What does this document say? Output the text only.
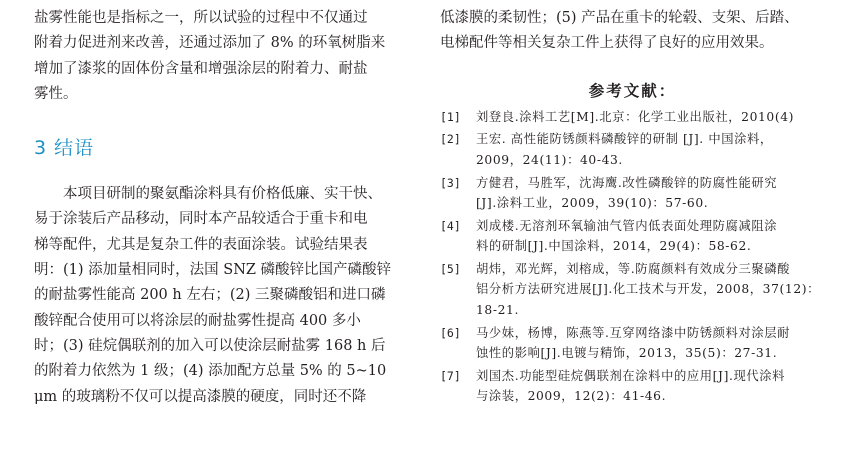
盐雾性能也是指标之一，所以试验的过程中不仅通过
附着力促进剂来改善，还通过添加了 8% 的环氧树脂来
增加了漆浆的固体份含量和增强涂层的附着力、耐盐
雾性。

3 结语

本项目研制的聚氨酯涂料具有价格低廉、实干快、
易于涂装后产品移动，同时本产品较适合于重卡和电
梯等配件，尤其是复杂工件的表面涂装。试验结果表
明：(1) 添加量相同时，法国 SNZ 磷酸锌比国产磷酸锌
的耐盐雾性能高 200 h 左右；(2) 三聚磷酸铝和进口磷
酸锌配合使用可以将涂层的耐盐雾性提高 400 多小
时；(3) 硅烷偶联剂的加入可以使涂层耐盐雾 168 h 后
的附着力依然为 1 级；(4) 添加配方总量 5% 的 5~10
μm 的玻璃粉不仅可以提高漆膜的硬度，同时还不降

低漆膜的柔韧性；(5) 产品在重卡的轮毂、支架、后踏、
电梯配件等相关复杂工件上获得了良好的应用效果。

参考文献：
[1]	刘登良.涂料工艺[M].北京：化学工业出版社，2010(4)
[2]	王宏. 高性能防锈颜料磷酸锌的研制 [J]. 中国涂料，
2009，24(11)：40-43.
[3]	方健君，马胜军，沈海鹰.改性磷酸锌的防腐性能研究
[J].涂料工业，2009，39(10)：57-60.
[4]	刘成楼.无溶剂环氧输油气管内低表面处理防腐减阻涂
料的研制[J].中国涂料，2014，29(4)：58-62.
[5]	胡炜，邓光辉，刘榕成，等.防腐颜料有效成分三聚磷酸
铝分析方法研究进展[J].化工技术与开发，2008，37(12)：
18-21.
[6]	马少妹，杨博，陈燕等.互穿网络漆中防锈颜料对涂层耐
蚀性的影响[J].电镀与精饰，2013，35(5)：27-31.
[7]	刘国杰.功能型硅烷偶联剂在涂料中的应用[J].现代涂料
与涂装，2009，12(2)：41-46.
